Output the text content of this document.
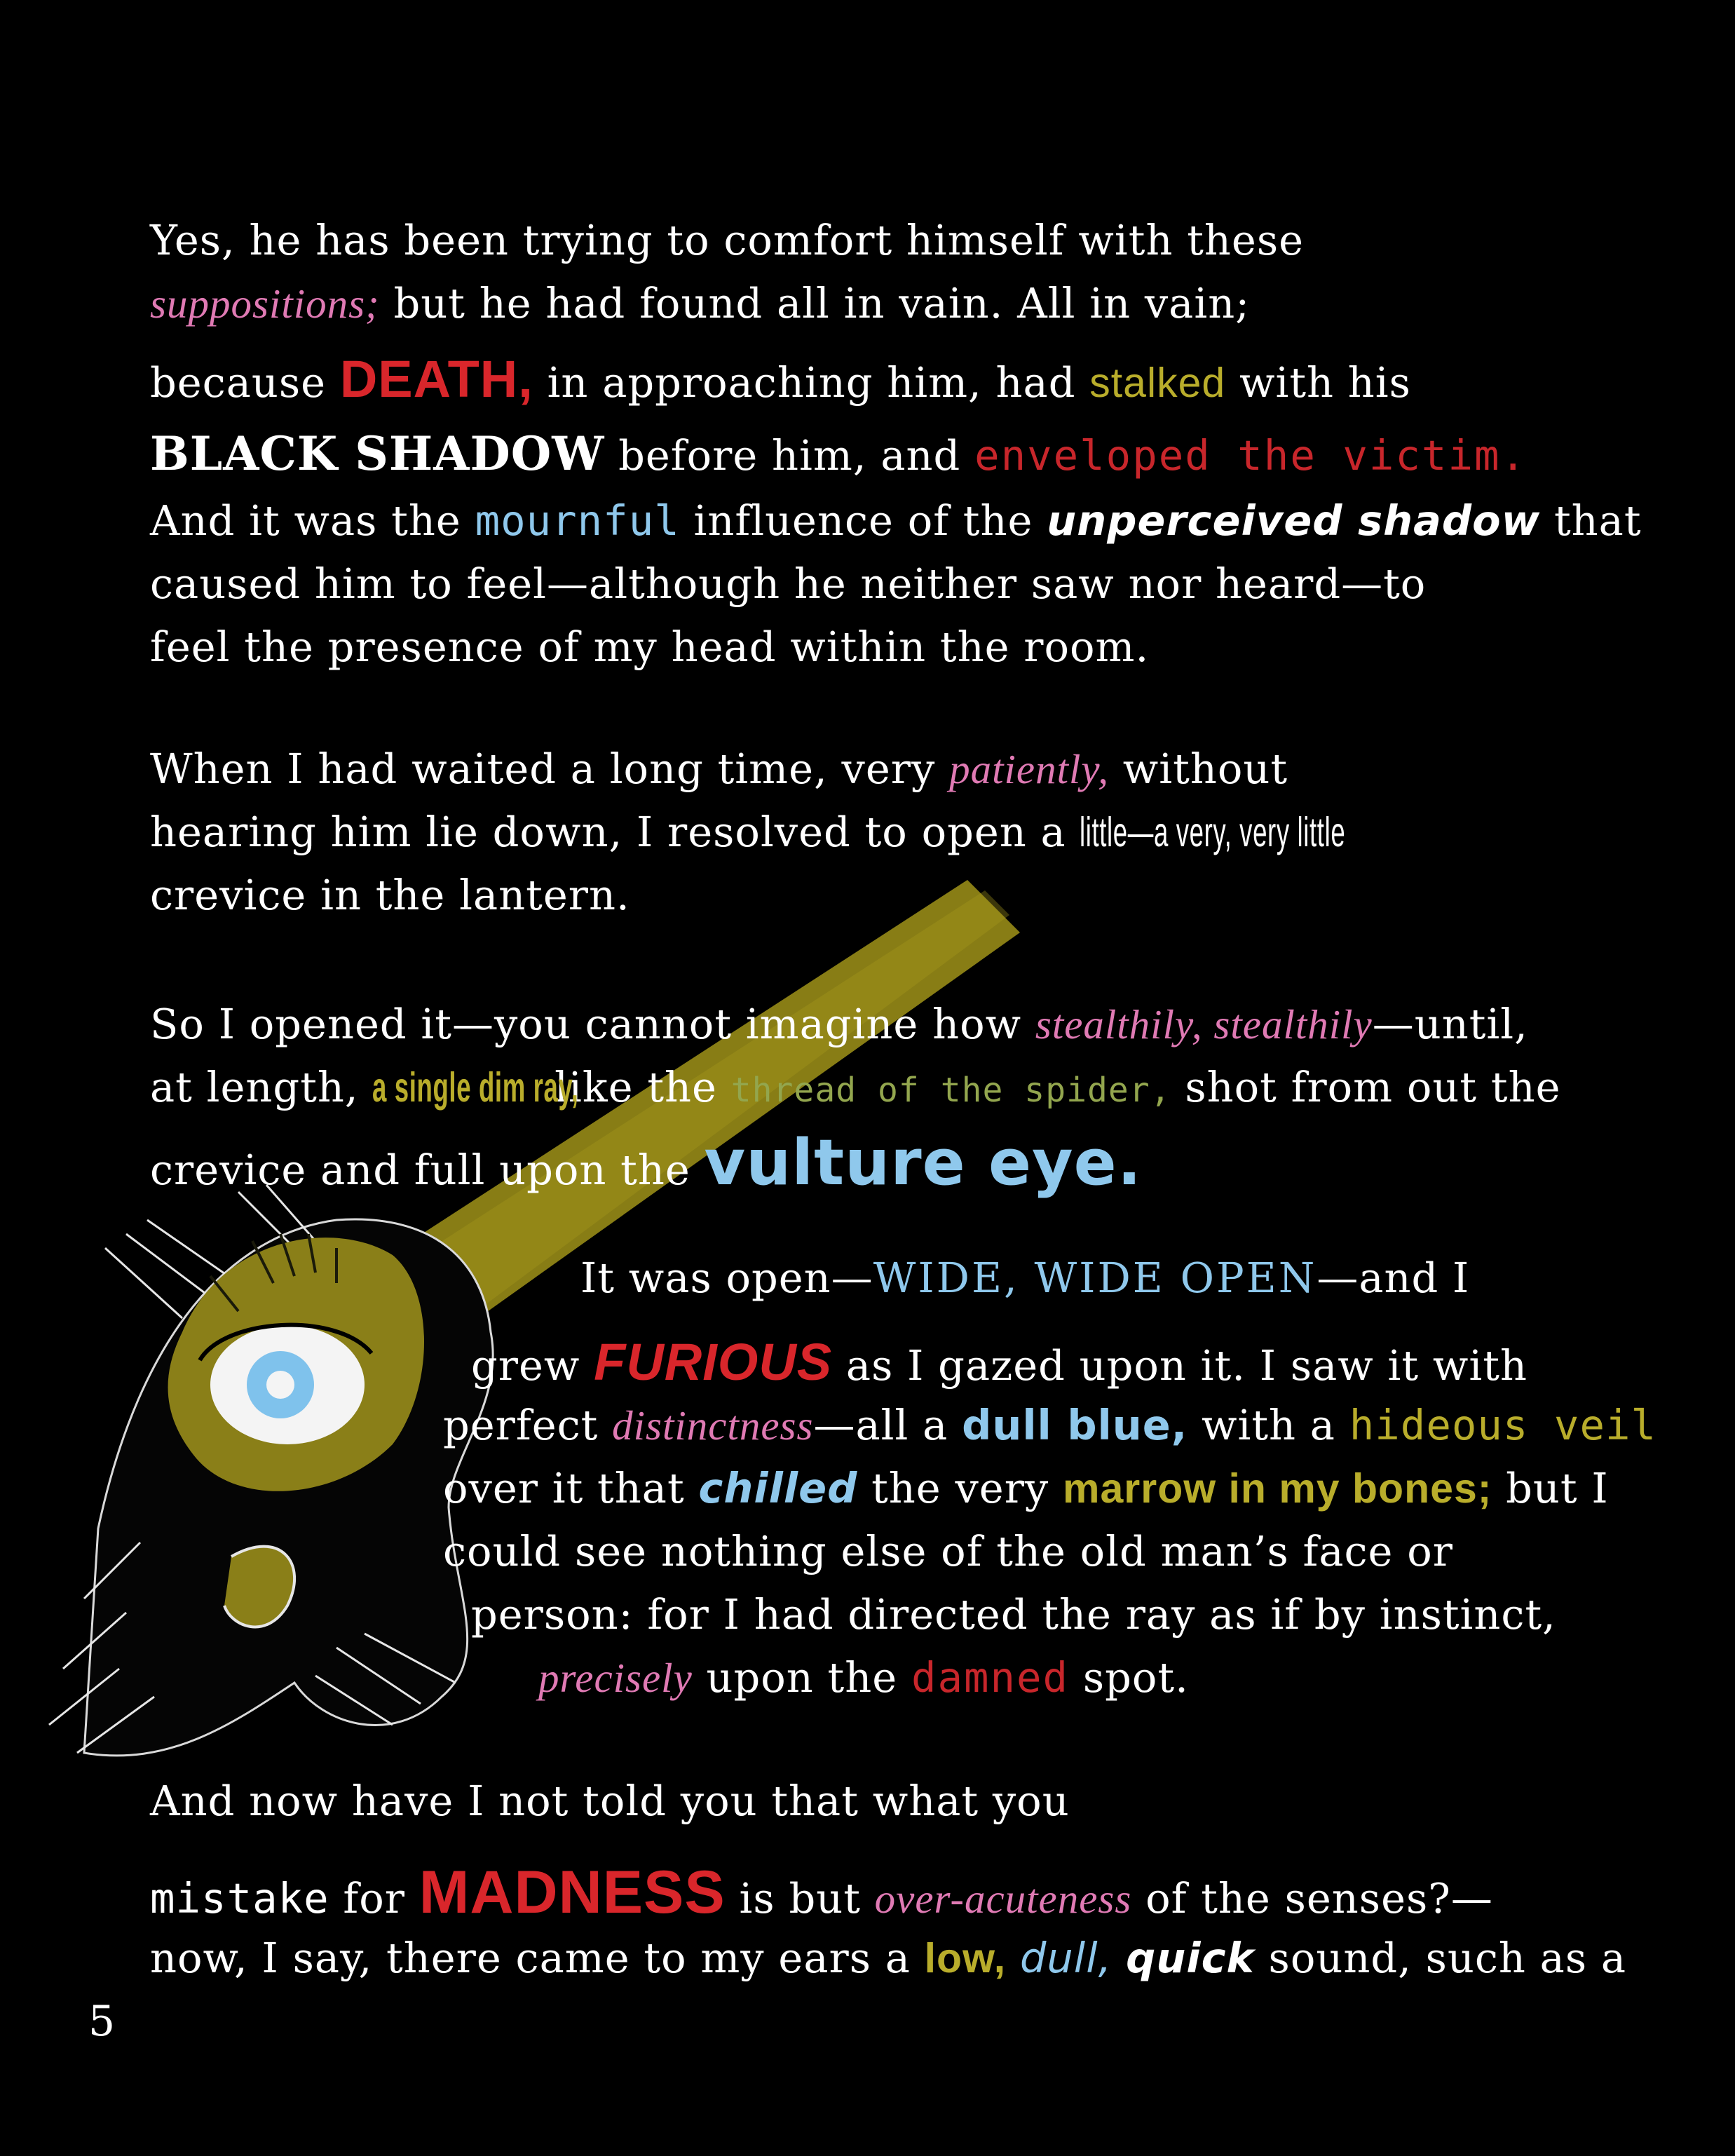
Yes, he has been trying to comfort himself with these
suppositions; but he had found all in vain. All in vain;
because DEATH, in approaching him, had stalked with his
BLACK SHADOW before him, and enveloped the victim.
And it was the mournful influence of the unperceived shadow that
caused him to feel—although he neither saw nor heard—to
feel the presence of my head within the room.
When I had waited a long time, very patiently, without
hearing him lie down, I resolved to open a little—a very, very little
crevice in the lantern.
So I opened it—you cannot imagine how stealthily, stealthily—until,
at length, a single dim ray, like the thread of the spider, shot from out the
crevice and full upon the vulture eye.
It was open—WIDE, WIDE OPEN—and I
grew FURIOUS as I gazed upon it. I saw it with
perfect distinctness—all a dull blue, with a hideous veil
over it that chilled the very marrow in my bones; but I
could see nothing else of the old man’s face or
person: for I had directed the ray as if by instinct,
precisely upon the damned spot.
And now have I not told you that what you
mistake for MADNESS is but over-acuteness of the senses?—
now, I say, there came to my ears a low, dull, quick sound, such as a
5
